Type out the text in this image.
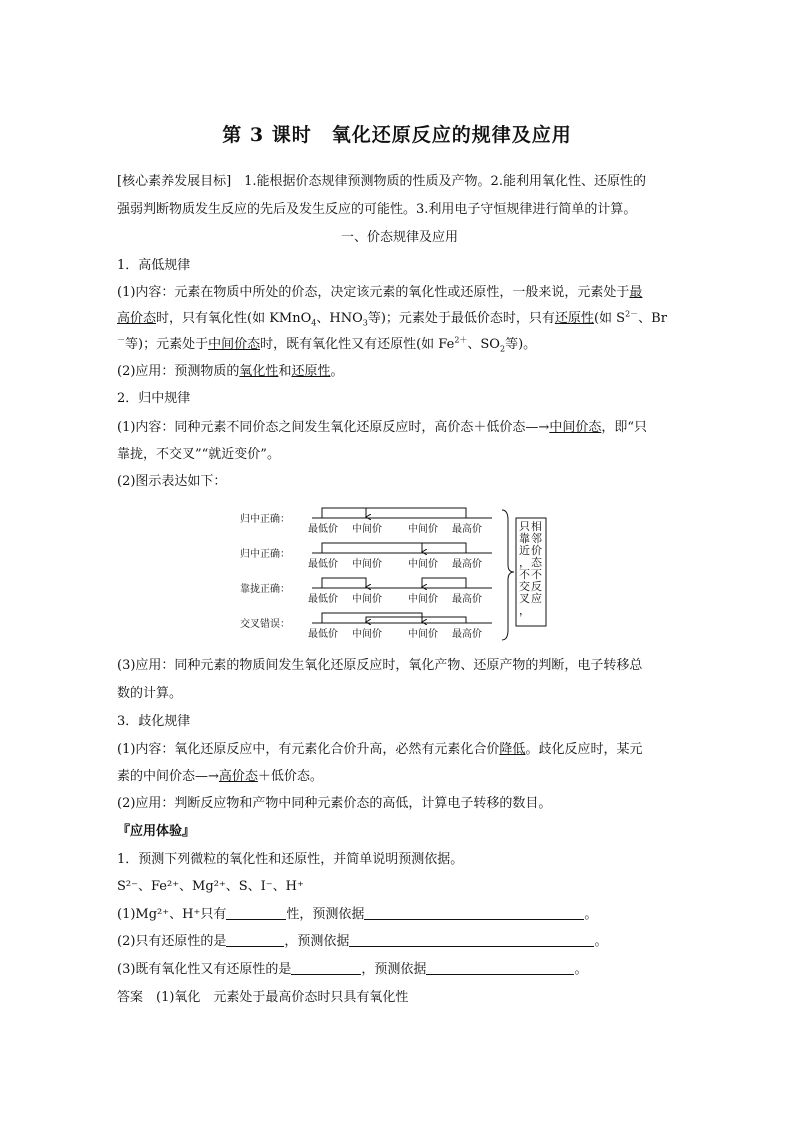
第 3 课时　氧化还原反应的规律及应用
[核心素养发展目标]　1.能根据价态规律预测物质的性质及产物。2.能利用氧化性、还原性的
强弱判断物质发生反应的先后及发生反应的可能性。3.利用电子守恒规律进行简单的计算。
一、价态规律及应用
1．高低规律
(1)内容：元素在物质中所处的价态，决定该元素的氧化性或还原性，一般来说，元素处于最
高价态时，只有氧化性(如 KMnO$_4$、$HNO_3$等)；元素处于最低价态时，只有还原性(如 $S^{2-}$、Br
－等)；元素处于中间价态时，既有氧化性又有还原性(如 $Fe^{2+}$、$SO_2$等)。
(2)应用：预测物质的氧化性和还原性。
2．归中规律
(1)内容：同种元素不同价态之间发生氧化还原反应时，高价态＋低价态—→中间价态，即“只
靠拢，不交叉”“就近变价”。
(2)图示表达如下：
归中正确：
最低价 中间价	中间价 最高价
归中正确：
最低价 中间价	中间价 最高价
靠拢正确：
最低价 中间价	中间价 最高价
交叉错误：
最低价 中间价	中间价 最高价
相
邻
价
态
不
反
应
只
靠
近
，
不
交
叉
，
(3)应用：同种元素的物质间发生氧化还原反应时，氧化产物、还原产物的判断，电子转移总
数的计算。
3．歧化规律
(1)内容：氧化还原反应中，有元素化合价升高，必然有元素化合价降低。歧化反应时，某元
素的中间价态—→高价态＋低价态。
(2)应用：判断反应物和产物中同种元素价态的高低，计算电子转移的数目。
『应用体验』
1．预测下列微粒的氧化性和还原性，并简单说明预测依据。
S²⁻、Fe²⁺、Mg²⁺、S、I⁻、H⁺
(1)Mg²⁺、H⁺只有	性，预测依据	。
(2)只有还原性的是	，预测依据	。
(3)既有氧化性又有还原性的是	，预测依据	。
答案　(1)氧化　元素处于最高价态时只具有氧化性
